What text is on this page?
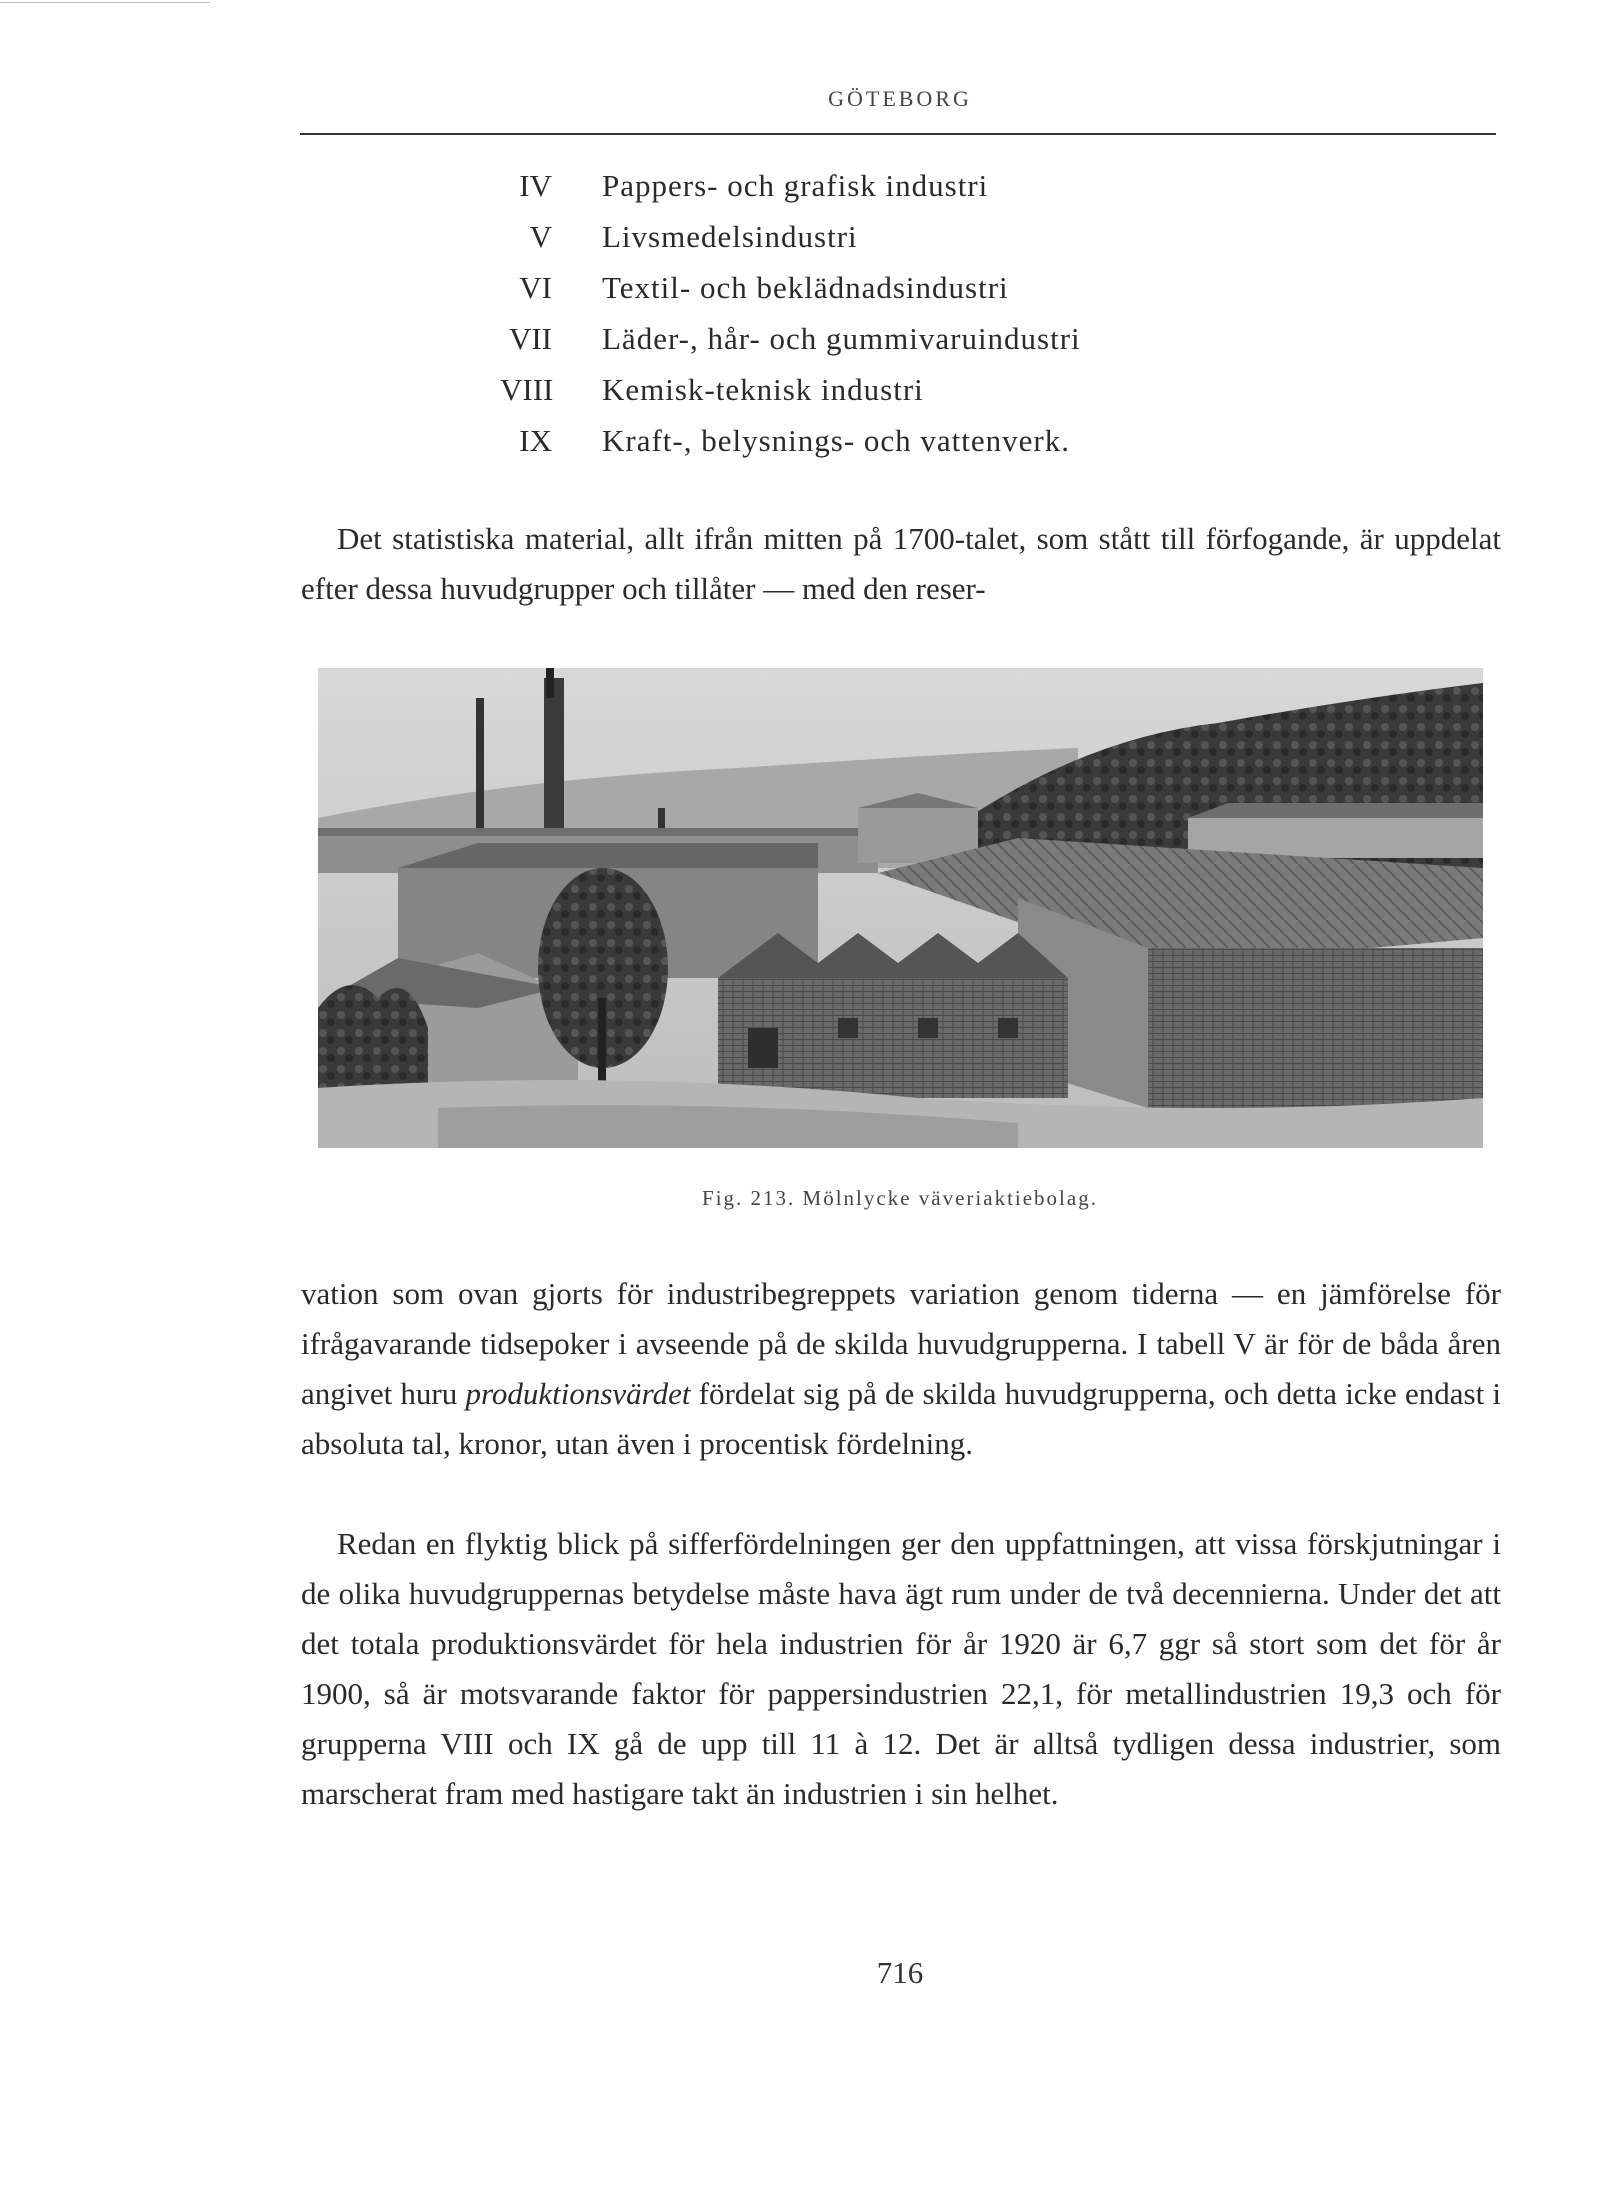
GÖTEBORG
IV	Pappers- och grafisk industri
V	Livsmedelsindustri
VI	Textil- och beklädnadsindustri
VII	Läder-, hår- och gummivaruindustri
VIII	Kemisk-teknisk industri
IX	Kraft-, belysnings- och vattenverk.

Det statistiska material, allt ifrån mitten på 1700-talet, som stått till förfogande, är uppdelat efter dessa huvudgrupper och tillåter — med den reser-

Fig. 213. Mölnlycke väveriaktiebolag.

vation som ovan gjorts för industribegreppets variation genom tiderna — en jämförelse för ifrågavarande tidsepoker i avseende på de skilda huvudgrupperna. I tabell V är för de båda åren angivet huru produktionsvärdet fördelat sig på de skilda huvudgrupperna, och detta icke endast i absoluta tal, kronor, utan även i procentisk fördelning.

Redan en flyktig blick på sifferfördelningen ger den uppfattningen, att vissa förskjutningar i de olika huvudgruppernas betydelse måste hava ägt rum under de två decennierna. Under det att det totala produktionsvärdet för hela industrien för år 1920 är 6,7 ggr så stort som det för år 1900, så är motsvarande faktor för pappersindustrien 22,1, för metallindustrien 19,3 och för grupperna VIII och IX gå de upp till 11 à 12. Det är alltså tydligen dessa industrier, som marscherat fram med hastigare takt än industrien i sin helhet.

716
